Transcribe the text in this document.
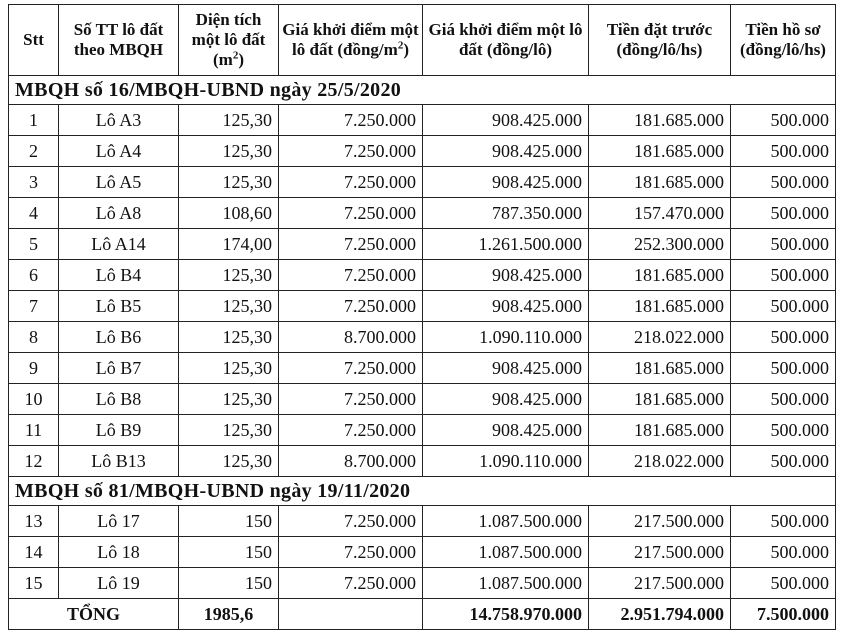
Stt	Số TT lô đất theo MBQH	Diện tích một lô đất $(m^2)$	Giá khởi điểm một lô đất $(đồng/m^2)$	Giá khởi điểm một lô đất (đồng/lô)	Tiền đặt trước (đồng/lô/hs)	Tiền hồ sơ (đồng/lô/hs)
MBQH số 16/MBQH-UBND ngày 25/5/2020						
1	Lô A3	125,30	7.250.000	908.425.000	181.685.000	500.000
2	Lô A4	125,30	7.250.000	908.425.000	181.685.000	500.000
3	Lô A5	125,30	7.250.000	908.425.000	181.685.000	500.000
4	Lô A8	108,60	7.250.000	787.350.000	157.470.000	500.000
5	Lô A14	174,00	7.250.000	1.261.500.000	252.300.000	500.000
6	Lô B4	125,30	7.250.000	908.425.000	181.685.000	500.000
7	Lô B5	125,30	7.250.000	908.425.000	181.685.000	500.000
8	Lô B6	125,30	8.700.000	1.090.110.000	218.022.000	500.000
9	Lô B7	125,30	7.250.000	908.425.000	181.685.000	500.000
10	Lô B8	125,30	7.250.000	908.425.000	181.685.000	500.000
11	Lô B9	125,30	7.250.000	908.425.000	181.685.000	500.000
12	Lô B13	125,30	8.700.000	1.090.110.000	218.022.000	500.000
MBQH số 81/MBQH-UBND ngày 19/11/2020						
13	Lô 17	150	7.250.000	1.087.500.000	217.500.000	500.000
14	Lô 18	150	7.250.000	1.087.500.000	217.500.000	500.000
15	Lô 19	150	7.250.000	1.087.500.000	217.500.000	500.000
TỔNG		1985,6		14.758.970.000	2.951.794.000	7.500.000
